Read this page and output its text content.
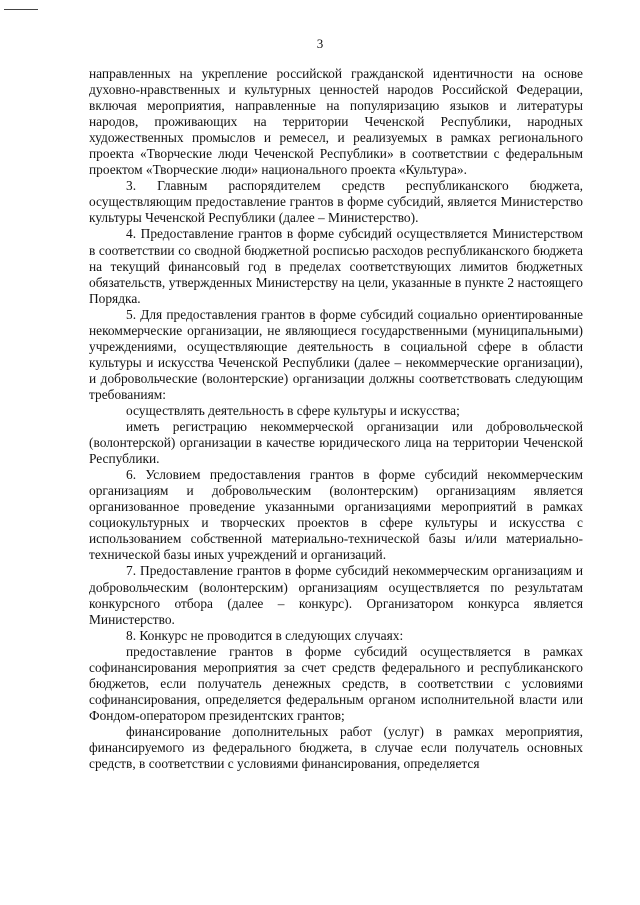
3

направленных на укрепление российской гражданской идентичности на основе духовно-нравственных и культурных ценностей народов Российской Федерации, включая мероприятия, направленные на популяризацию языков и литературы народов, проживающих на территории Чеченской Республики, народных художественных промыслов и ремесел, и реализуемых в рамках регионального проекта «Творческие люди Чеченской Республики» в соответствии с федеральным проектом «Творческие люди» национального проекта «Культура».

3. Главным распорядителем средств республиканского бюджета, осуществляющим предоставление грантов в форме субсидий, является Министерство культуры Чеченской Республики (далее – Министерство).

4. Предоставление грантов в форме субсидий осуществляется Министерством в соответствии со сводной бюджетной росписью расходов республиканского бюджета на текущий финансовый год в пределах соответствующих лимитов бюджетных обязательств, утвержденных Министерству на цели, указанные в пункте 2 настоящего Порядка.

5. Для предоставления грантов в форме субсидий социально ориентированные некоммерческие организации, не являющиеся государственными (муниципальными) учреждениями, осуществляющие деятельность в социальной сфере в области культуры и искусства Чеченской Республики (далее – некоммерческие организации), и добровольческие (волонтерские) организации должны соответствовать следующим требованиям:

осуществлять деятельность в сфере культуры и искусства;

иметь регистрацию некоммерческой организации или добровольческой (волонтерской) организации в качестве юридического лица на территории Чеченской Республики.

6. Условием предоставления грантов в форме субсидий некоммерческим организациям и добровольческим (волонтерским) организациям является организованное проведение указанными организациями мероприятий в рамках социокультурных и творческих проектов в сфере культуры и искусства с использованием собственной материально-технической базы и/или материально-технической базы иных учреждений и организаций.

7. Предоставление грантов в форме субсидий некоммерческим организациям и добровольческим (волонтерским) организациям осуществляется по результатам конкурсного отбора (далее – конкурс). Организатором конкурса является Министерство.

8. Конкурс не проводится в следующих случаях:

предоставление грантов в форме субсидий осуществляется в рамках софинансирования мероприятия за счет средств федерального и республиканского бюджетов, если получатель денежных средств, в соответствии с условиями софинансирования, определяется федеральным органом исполнительной власти или Фондом-оператором президентских грантов;

финансирование дополнительных работ (услуг) в рамках мероприятия, финансируемого из федерального бюджета, в случае если получатель основных средств, в соответствии с условиями финансирования, определяется
